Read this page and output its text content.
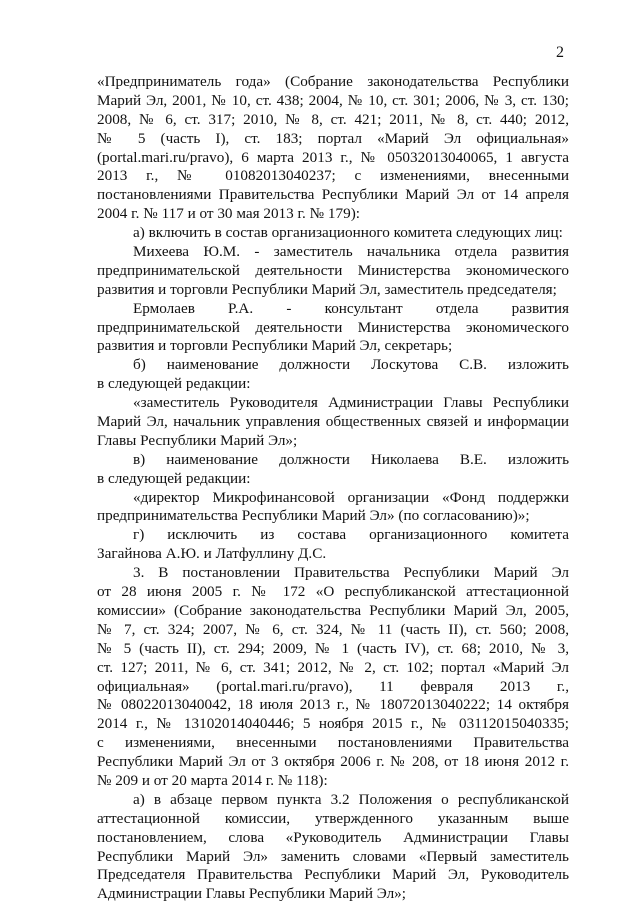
2
«Предприниматель года» (Собрание законодательства Республики
Марий Эл, 2001, № 10, ст. 438; 2004, № 10, ст. 301; 2006, № 3, ст. 130;
2008, № 6, ст. 317; 2010, № 8, ст. 421; 2011, № 8, ст. 440; 2012,
№ 5 (часть I), ст. 183; портал «Марий Эл официальная»
(portal.mari.ru/pravo), 6 марта 2013 г., № 05032013040065, 1 августа
2013 г., № 01082013040237; с изменениями, внесенными
постановлениями Правительства Республики Марий Эл от 14 апреля
2004 г. № 117 и от 30 мая 2013 г. № 179):
а) включить в состав организационного комитета следующих лиц:
Михеева Ю.М. - заместитель начальника отдела развития
предпринимательской деятельности Министерства экономического
развития и торговли Республики Марий Эл, заместитель председателя;
Ермолаев Р.А. - консультант отдела развития
предпринимательской деятельности Министерства экономического
развития и торговли Республики Марий Эл, секретарь;
б) наименование должности Лоскутова С.В. изложить
в следующей редакции:
«заместитель Руководителя Администрации Главы Республики
Марий Эл, начальник управления общественных связей и информации
Главы Республики Марий Эл»;
в) наименование должности Николаева В.Е. изложить
в следующей редакции:
«директор Микрофинансовой организации «Фонд поддержки
предпринимательства Республики Марий Эл» (по согласованию)»;
г) исключить из состава организационного комитета
Загайнова А.Ю. и Латфуллину Д.С.
3. В постановлении Правительства Республики Марий Эл
от 28 июня 2005 г. № 172 «О республиканской аттестационной
комиссии» (Собрание законодательства Республики Марий Эл, 2005,
№ 7, ст. 324; 2007, № 6, ст. 324, № 11 (часть II), ст. 560; 2008,
№ 5 (часть II), ст. 294; 2009, № 1 (часть IV), ст. 68; 2010, № 3,
ст. 127; 2011, № 6, ст. 341; 2012, № 2, ст. 102; портал «Марий Эл
официальная» (portal.mari.ru/pravo), 11 февраля 2013 г.,
№ 08022013040042, 18 июля 2013 г., № 18072013040222; 14 октября
2014 г., № 13102014040446; 5 ноября 2015 г., № 03112015040335;
с изменениями, внесенными постановлениями Правительства
Республики Марий Эл от 3 октября 2006 г. № 208, от 18 июня 2012 г.
№ 209 и от 20 марта 2014 г. № 118):
а) в абзаце первом пункта 3.2 Положения о республиканской
аттестационной комиссии, утвержденного указанным выше
постановлением, слова «Руководитель Администрации Главы
Республики Марий Эл» заменить словами «Первый заместитель
Председателя Правительства Республики Марий Эл, Руководитель
Администрации Главы Республики Марий Эл»;
